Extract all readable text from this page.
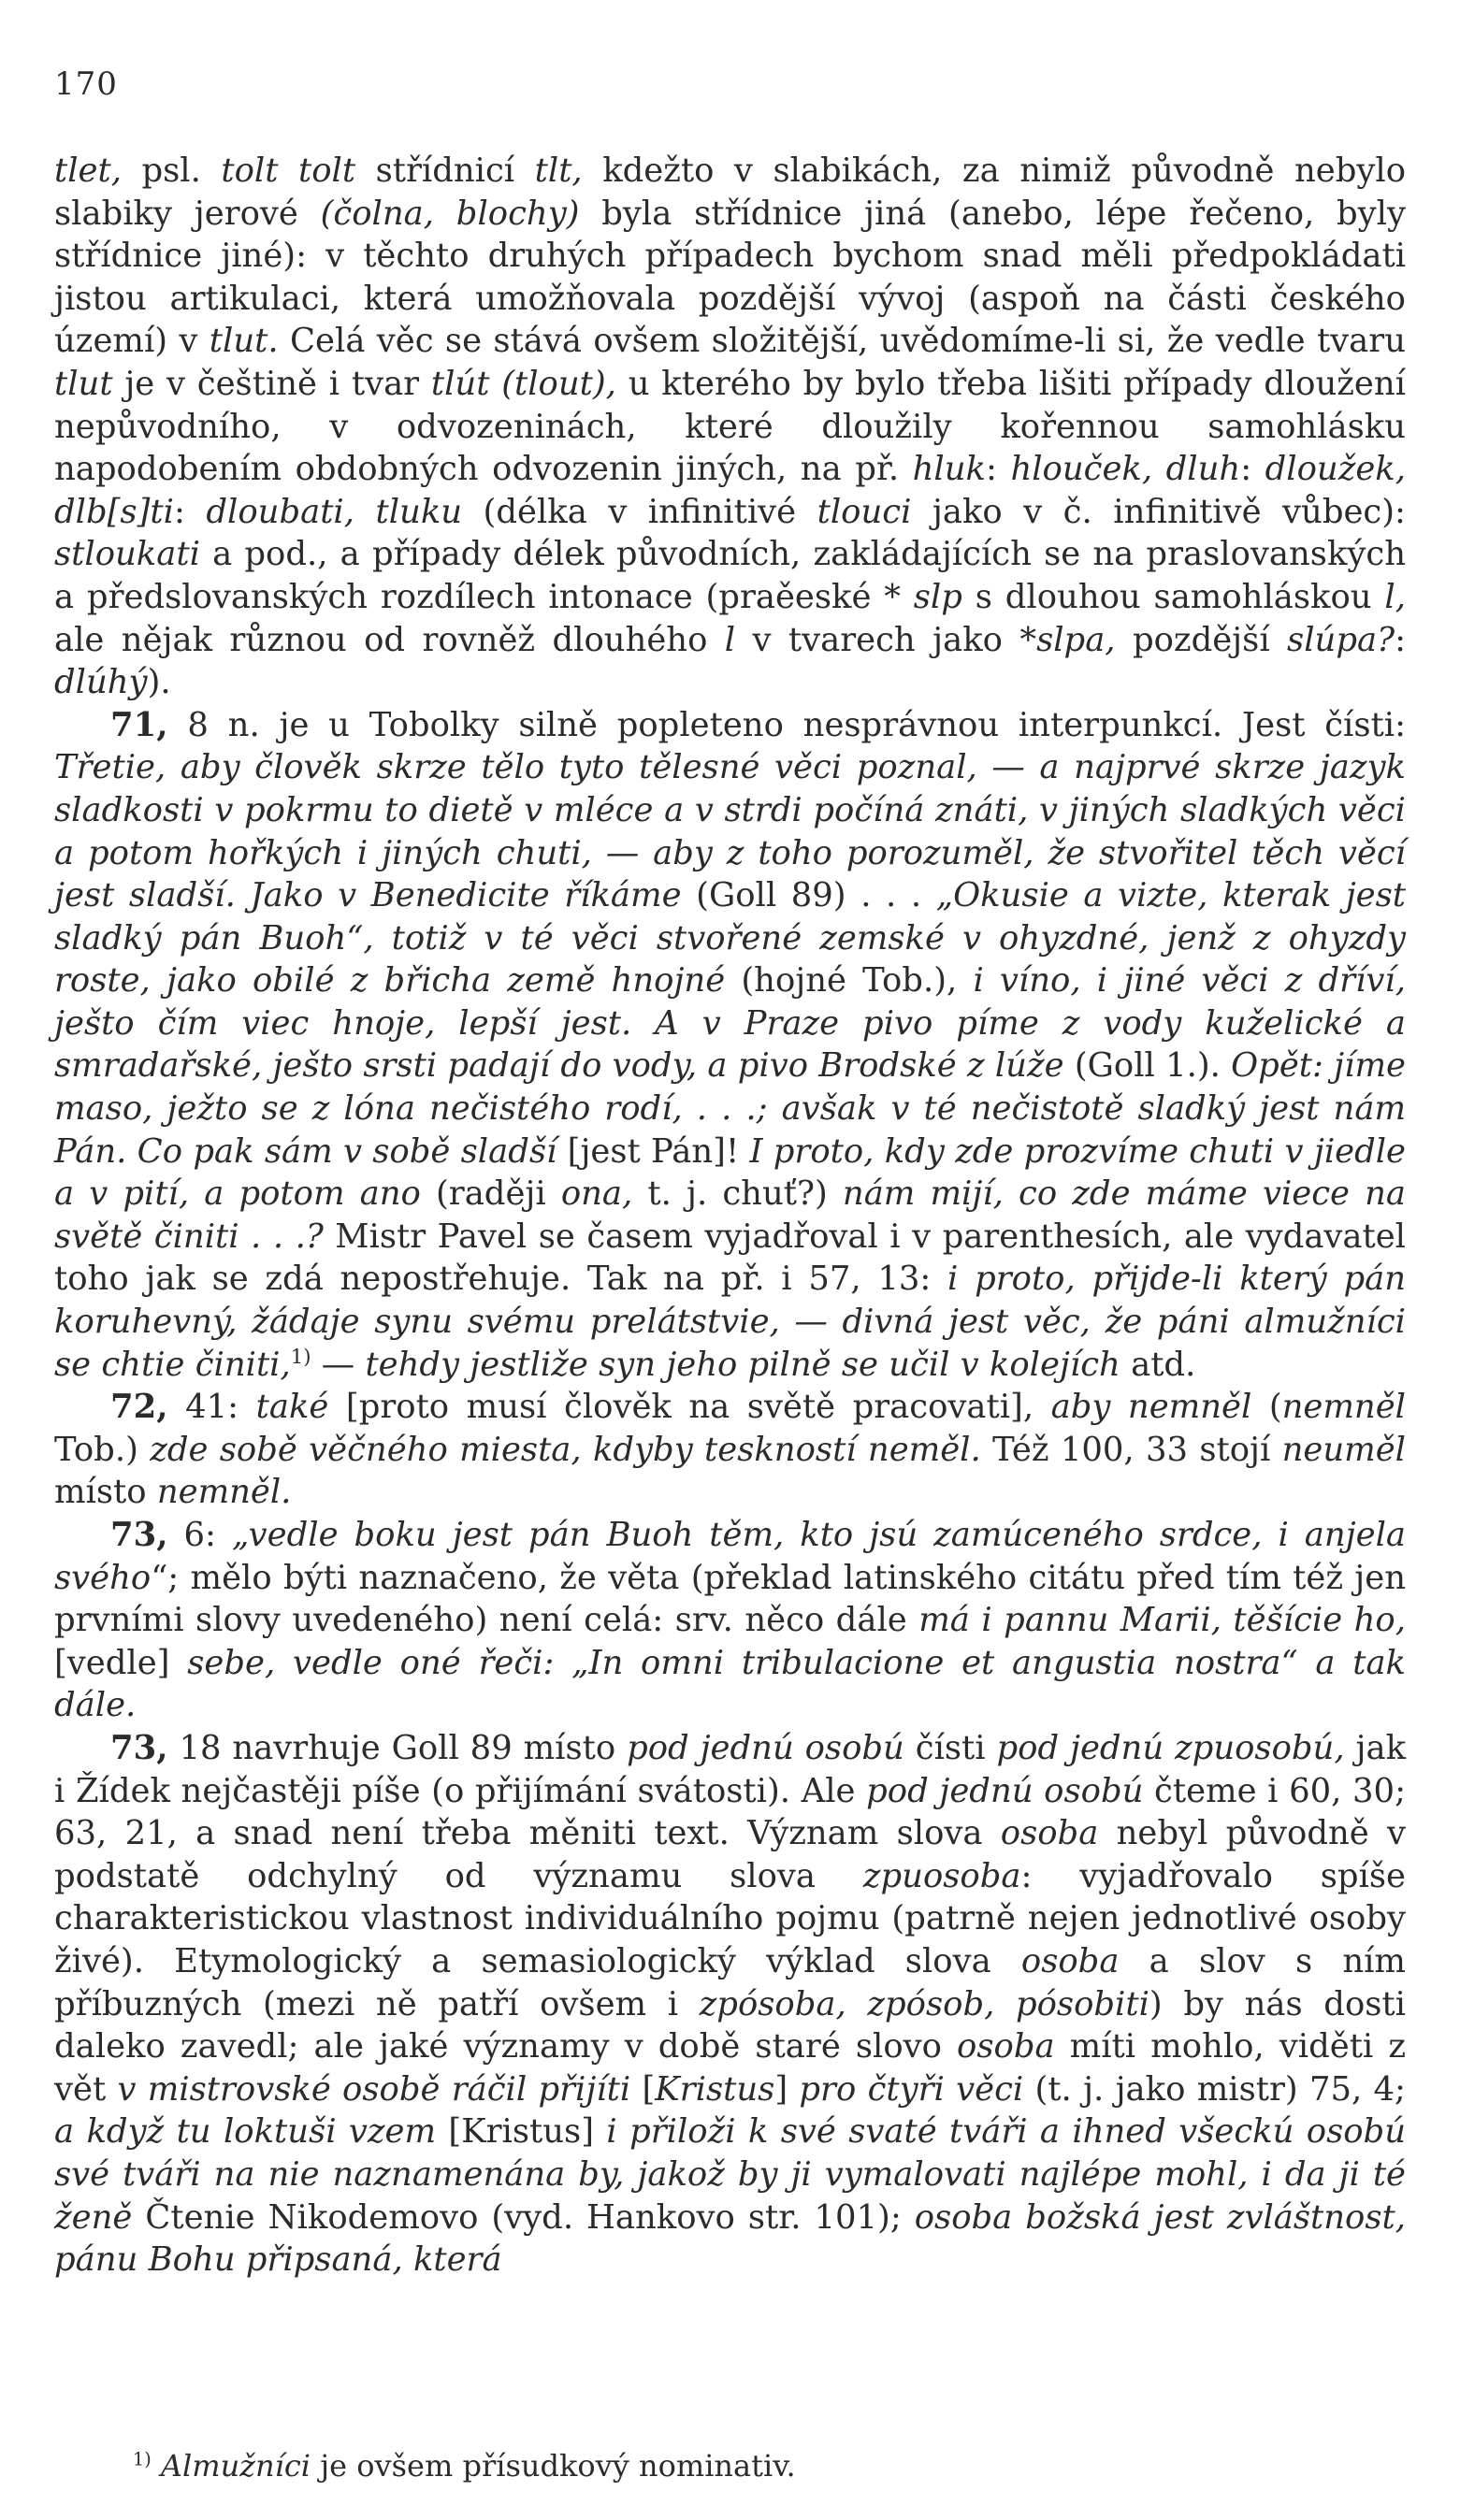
170

tlet, psl. tolt tolt střídnicí tlt, kdežto v slabikách, za nimiž původně nebylo slabiky jerové (čolna, blochy) byla střídnice jiná (anebo, lépe řečeno, byly střídnice jiné): v těchto druhých případech bychom snad měli předpokládati jistou artikulaci, která umožňovala pozdější vývoj (aspoň na části českého území) v tlut. Celá věc se stává ovšem složitější, uvědomíme-li si, že vedle tvaru tlut je v češtině i tvar tlút (tlout), u kterého by bylo třeba lišiti případy dloužení nepůvodního, v odvozeninách, které dloužily kořennou samohlásku napodobením obdobných odvozenin jiných, na př. hluk: hlouček, dluh: dloužek, dlb[s]ti: dloubati, tluku (délka v infinitivé tlouci jako v č. infinitivě vůbec): stloukati a pod., a případy délek původních, zakládajících se na praslovanských a předslovanských rozdílech intonace (praěeské * slp s dlouhou samohláskou l, ale nějak různou od rovněž dlouhého l v tvarech jako *slpa, pozdější slúpa?: dlúhý).

71, 8 n. je u Tobolky silně popleteno nesprávnou interpunkcí. Jest čísti: Třetie, aby člověk skrze tělo tyto tělesné věci poznal, — a najprvé skrze jazyk sladkosti v pokrmu to dietě v mléce a v strdi počíná znáti, v jiných sladkých věci a potom hořkých i jiných chuti, — aby z toho porozuměl, že stvořitel těch věcí jest sladší. Jako v Benedicite říkáme (Goll 89) . . . „Okusie a vizte, kterak jest sladký pán Buoh“, totiž v té věci stvořené zemské v ohyzdné, jenž z ohyzdy roste, jako obilé z břicha země hnojné (hojné Tob.), i víno, i jiné věci z dříví, ješto čím viec hnoje, lepší jest. A v Praze pivo píme z vody kuželické a smradařské, ješto srsti padají do vody, a pivo Brodské z lúže (Goll 1.). Opět: jíme maso, ježto se z lóna nečistého rodí, . . .; avšak v té nečistotě sladký jest nám Pán. Co pak sám v sobě sladší [jest Pán]! I proto, kdy zde prozvíme chuti v jiedle a v pití, a potom ano (raději ona, t. j. chuť?) nám mijí, co zde máme viece na světě činiti . . .? Mistr Pavel se časem vyjadřoval i v parenthesích, ale vydavatel toho jak se zdá nepostřehuje. Tak na př. i 57, 13: i proto, přijde-li který pán koruhevný, žádaje synu svému prelátstvie, — divná jest věc, že páni almužníci se chtie činiti,$^{1)}$ — tehdy jestliže syn jeho pilně se učil v kolejích atd.

72, 41: také [proto musí člověk na světě pracovati], aby nemněl (nemněl Tob.) zde sobě věčného miesta, kdyby teskností neměl. Též 100, 33 stojí neuměl místo nemněl.

73, 6: „vedle boku jest pán Buoh těm, kto jsú zamúceného srdce, i anjela svého“; mělo býti naznačeno, že věta (překlad latinského citátu před tím též jen prvními slovy uvedeného) není celá: srv. něco dále má i pannu Marii, těšície ho, [vedle] sebe, vedle oné řeči: „In omni tribulacione et angustia nostra“ a tak dále.

73, 18 navrhuje Goll 89 místo pod jednú osobú čísti pod jednú zpuosobú, jak i Žídek nejčastěji píše (o přijímání svátosti). Ale pod jednú osobú čteme i 60, 30; 63, 21, a snad není třeba měniti text. Význam slova osoba nebyl původně v podstatě odchylný od významu slova zpuosoba: vyjadřovalo spíše charakteristickou vlastnost individuálního pojmu (patrně nejen jednotlivé osoby živé). Etymologický a semasiologický výklad slova osoba a slov s ním příbuzných (mezi ně patří ovšem i zpósoba, zpósob, pósobiti) by nás dosti daleko zavedl; ale jaké významy v době staré slovo osoba míti mohlo, viděti z vět v mistrovské osobě ráčil přijíti [Kristus] pro čtyři věci (t. j. jako mistr) 75, 4; a když tu loktuši vzem [Kristus] i přiloži k své svaté tváři a ihned všeckú osobú své tváři na nie naznamenána by, jakož by ji vymalovati najlépe mohl, i da ji té ženě Čtenie Nikodemovo (vyd. Hankovo str. 101); osoba božská jest zvláštnost, pánu Bohu připsaná, která

$^{1)}$ Almužníci je ovšem přísudkový nominativ.
